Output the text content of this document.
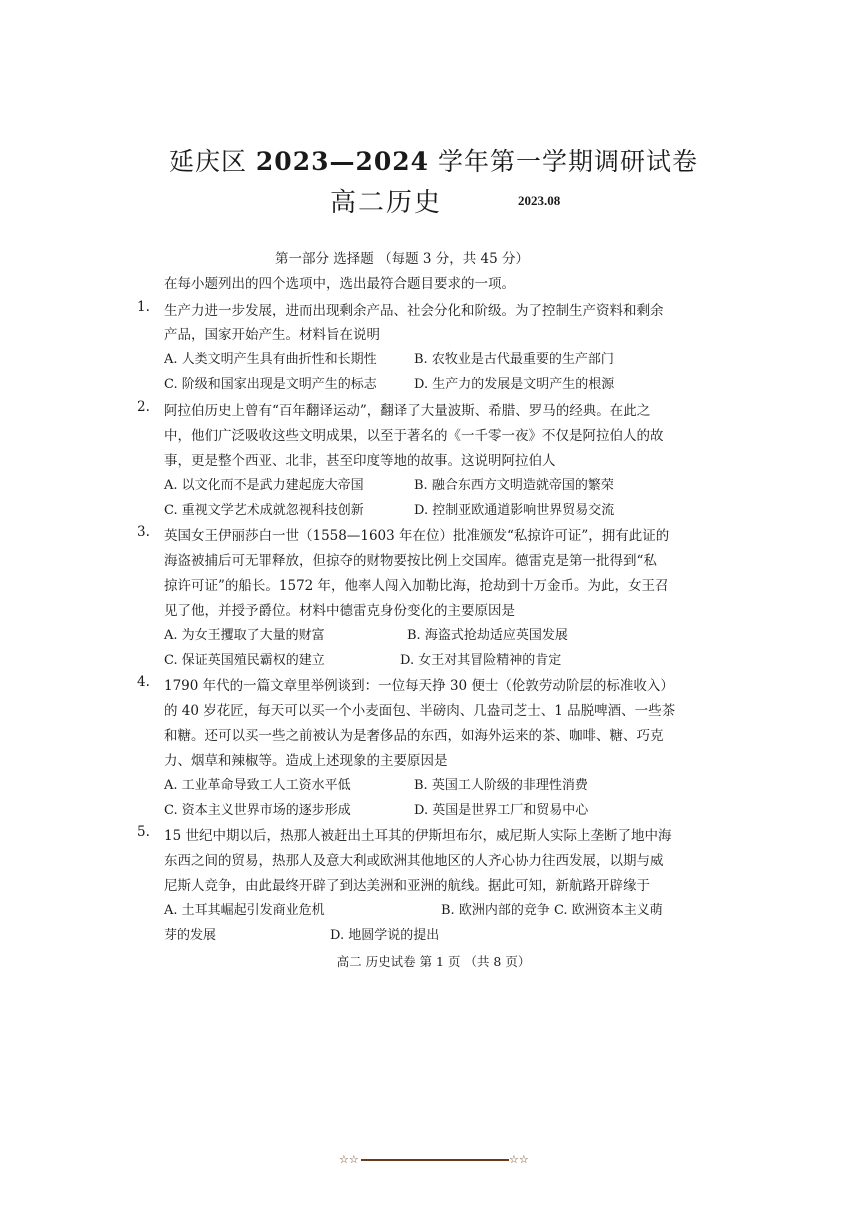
延庆区 2023—2024 学年第一学期调研试卷
高二历史	2023.08
第一部分 选择题 （每题 3 分，共 45 分）
在每小题列出的四个选项中，选出最符合题目要求的一项。
1. 生产力进一步发展，进而出现剩余产品、社会分化和阶级。为了控制生产资料和剩余
产品，国家开始产生。材料旨在说明
A. 人类文明产生具有曲折性和长期性	B. 农牧业是古代最重要的生产部门
C. 阶级和国家出现是文明产生的标志	D. 生产力的发展是文明产生的根源
2. 阿拉伯历史上曾有“百年翻译运动”，翻译了大量波斯、希腊、罗马的经典。在此之
中，他们广泛吸收这些文明成果，以至于著名的《一千零一夜》不仅是阿拉伯人的故
事，更是整个西亚、北非，甚至印度等地的故事。这说明阿拉伯人
A. 以文化而不是武力建起庞大帝国	B. 融合东西方文明造就帝国的繁荣
C. 重视文学艺术成就忽视科技创新	D. 控制亚欧通道影响世界贸易交流
3. 英国女王伊丽莎白一世（1558—1603 年在位）批准颁发“私掠许可证”，拥有此证的
海盗被捕后可无罪释放，但掠夺的财物要按比例上交国库。德雷克是第一批得到“私
掠许可证”的船长。1572 年，他率人闯入加勒比海，抢劫到十万金币。为此，女王召
见了他，并授予爵位。材料中德雷克身份变化的主要原因是
A. 为女王攫取了大量的财富	B. 海盗式抢劫适应英国发展
C. 保证英国殖民霸权的建立	D. 女王对其冒险精神的肯定
4. 1790 年代的一篇文章里举例谈到：一位每天挣 30 便士（伦敦劳动阶层的标准收入）
的 40 岁花匠，每天可以买一个小麦面包、半磅肉、几盎司芝士、1 品脱啤酒、一些茶
和糖。还可以买一些之前被认为是奢侈品的东西，如海外运来的茶、咖啡、糖、巧克
力、烟草和辣椒等。造成上述现象的主要原因是
A. 工业革命导致工人工资水平低	B. 英国工人阶级的非理性消费
C. 资本主义世界市场的逐步形成	D. 英国是世界工厂和贸易中心
5. 15 世纪中期以后，热那人被赶出土耳其的伊斯坦布尔，威尼斯人实际上垄断了地中海
东西之间的贸易，热那人及意大利或欧洲其他地区的人齐心协力往西发展，以期与威
尼斯人竞争，由此最终开辟了到达美洲和亚洲的航线。据此可知，新航路开辟缘于
A. 土耳其崛起引发商业危机	B. 欧洲内部的竞争 C. 欧洲资本主义萌
芽的发展	D. 地圆学说的提出
高二 历史试卷 第 1 页 （共 8 页）
☆☆	☆☆
